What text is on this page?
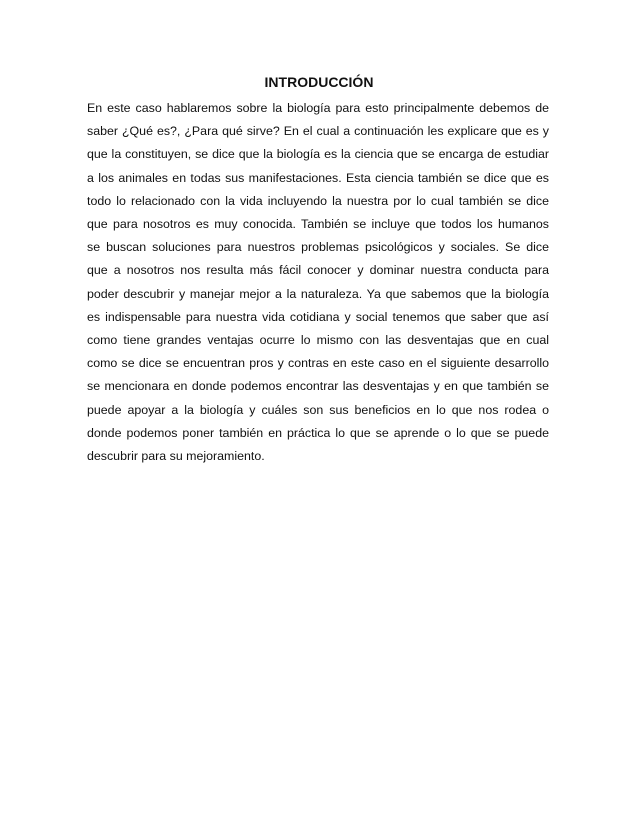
INTRODUCCIÓN
En este caso hablaremos sobre la biología para esto principalmente debemos de
saber ¿Qué es?, ¿Para qué sirve? En el cual a continuación les explicare que es y
que la constituyen, se dice que la biología es la ciencia que se encarga de estudiar
a los animales en todas sus manifestaciones. Esta ciencia también se dice que es
todo lo relacionado con la vida incluyendo la nuestra por lo cual también se dice
que para nosotros es muy conocida. También se incluye que todos los humanos
se buscan soluciones para nuestros problemas psicológicos y sociales. Se dice
que a nosotros nos resulta más fácil conocer y dominar nuestra conducta para
poder descubrir y manejar mejor a la naturaleza. Ya que sabemos que la biología
es indispensable para nuestra vida cotidiana y social tenemos que saber que así
como tiene grandes ventajas ocurre lo mismo con las desventajas que en cual
como se dice se encuentran pros y contras en este caso en el siguiente desarrollo
se mencionara en donde podemos encontrar las desventajas y en que también se
puede apoyar a la biología y cuáles son sus beneficios en lo que nos rodea o
donde podemos poner también en práctica lo que se aprende o lo que se puede
descubrir para su mejoramiento.
